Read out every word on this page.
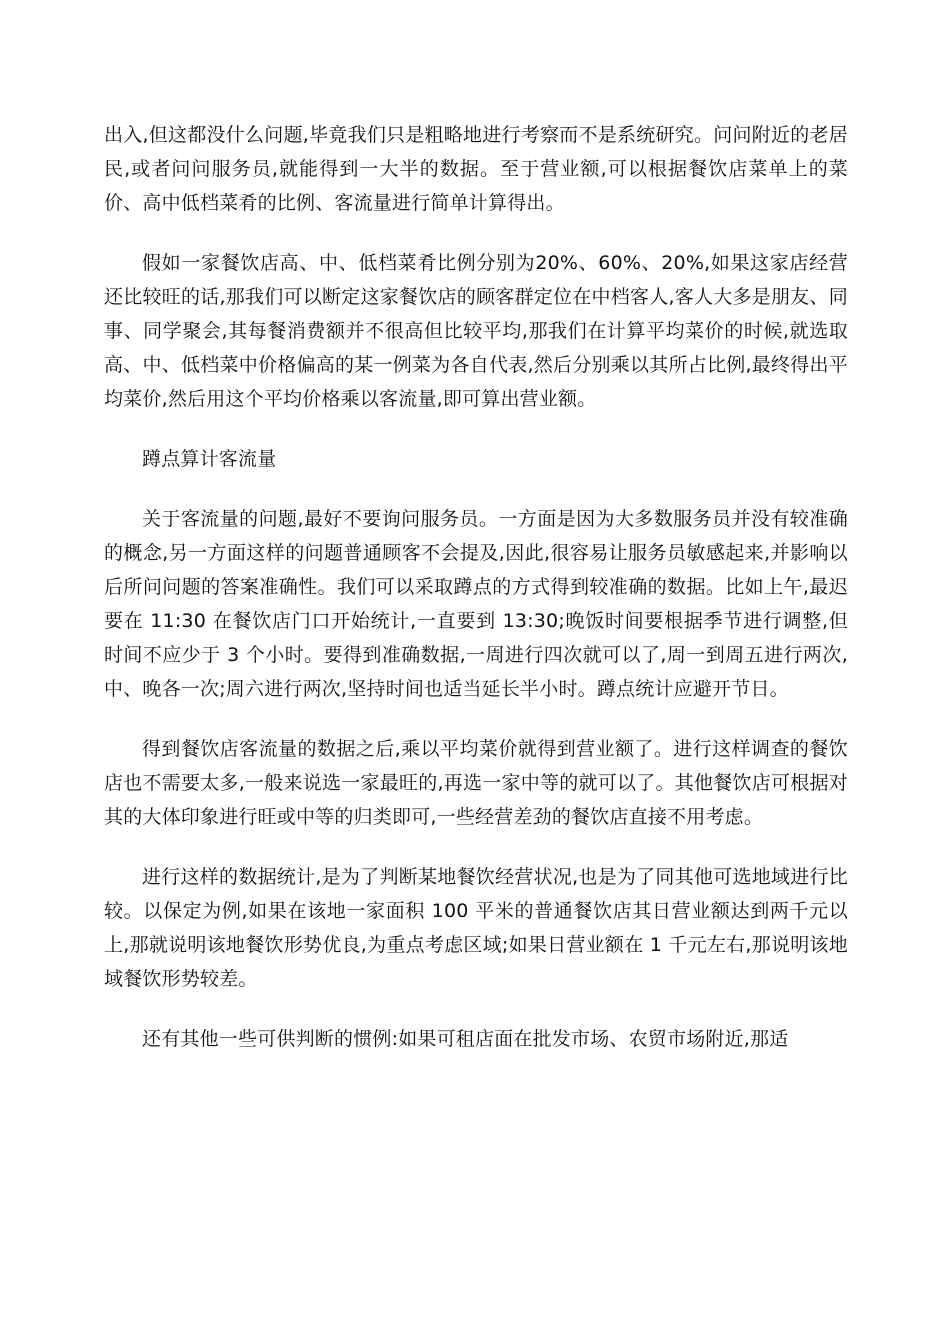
出入,但这都没什么问题,毕竟我们只是粗略地进行考察而不是系统研究。问问附近的老居民,或者问问服务员,就能得到一大半的数据。至于营业额,可以根据餐饮店菜单上的菜价、高中低档菜肴的比例、客流量进行简单计算得出。

假如一家餐饮店高、中、低档菜肴比例分别为20%、60%、20%,如果这家店经营还比较旺的话,那我们可以断定这家餐饮店的顾客群定位在中档客人,客人大多是朋友、同事、同学聚会,其每餐消费额并不很高但比较平均,那我们在计算平均菜价的时候,就选取高、中、低档菜中价格偏高的某一例菜为各自代表,然后分别乘以其所占比例,最终得出平均菜价,然后用这个平均价格乘以客流量,即可算出营业额。

蹲点算计客流量

关于客流量的问题,最好不要询问服务员。一方面是因为大多数服务员并没有较准确的概念,另一方面这样的问题普通顾客不会提及,因此,很容易让服务员敏感起来,并影响以后所问问题的答案准确性。我们可以采取蹲点的方式得到较准确的数据。比如上午,最迟要在 11:30 在餐饮店门口开始统计,一直要到 13:30;晚饭时间要根据季节进行调整,但时间不应少于 3 个小时。要得到准确数据,一周进行四次就可以了,周一到周五进行两次,中、晚各一次;周六进行两次,坚持时间也适当延长半小时。蹲点统计应避开节日。

得到餐饮店客流量的数据之后,乘以平均菜价就得到营业额了。进行这样调查的餐饮店也不需要太多,一般来说选一家最旺的,再选一家中等的就可以了。其他餐饮店可根据对其的大体印象进行旺或中等的归类即可,一些经营差劲的餐饮店直接不用考虑。

进行这样的数据统计,是为了判断某地餐饮经营状况,也是为了同其他可选地域进行比较。以保定为例,如果在该地一家面积 100 平米的普通餐饮店其日营业额达到两千元以上,那就说明该地餐饮形势优良,为重点考虑区域;如果日营业额在 1 千元左右,那说明该地域餐饮形势较差。

还有其他一些可供判断的惯例:如果可租店面在批发市场、农贸市场附近,那适
